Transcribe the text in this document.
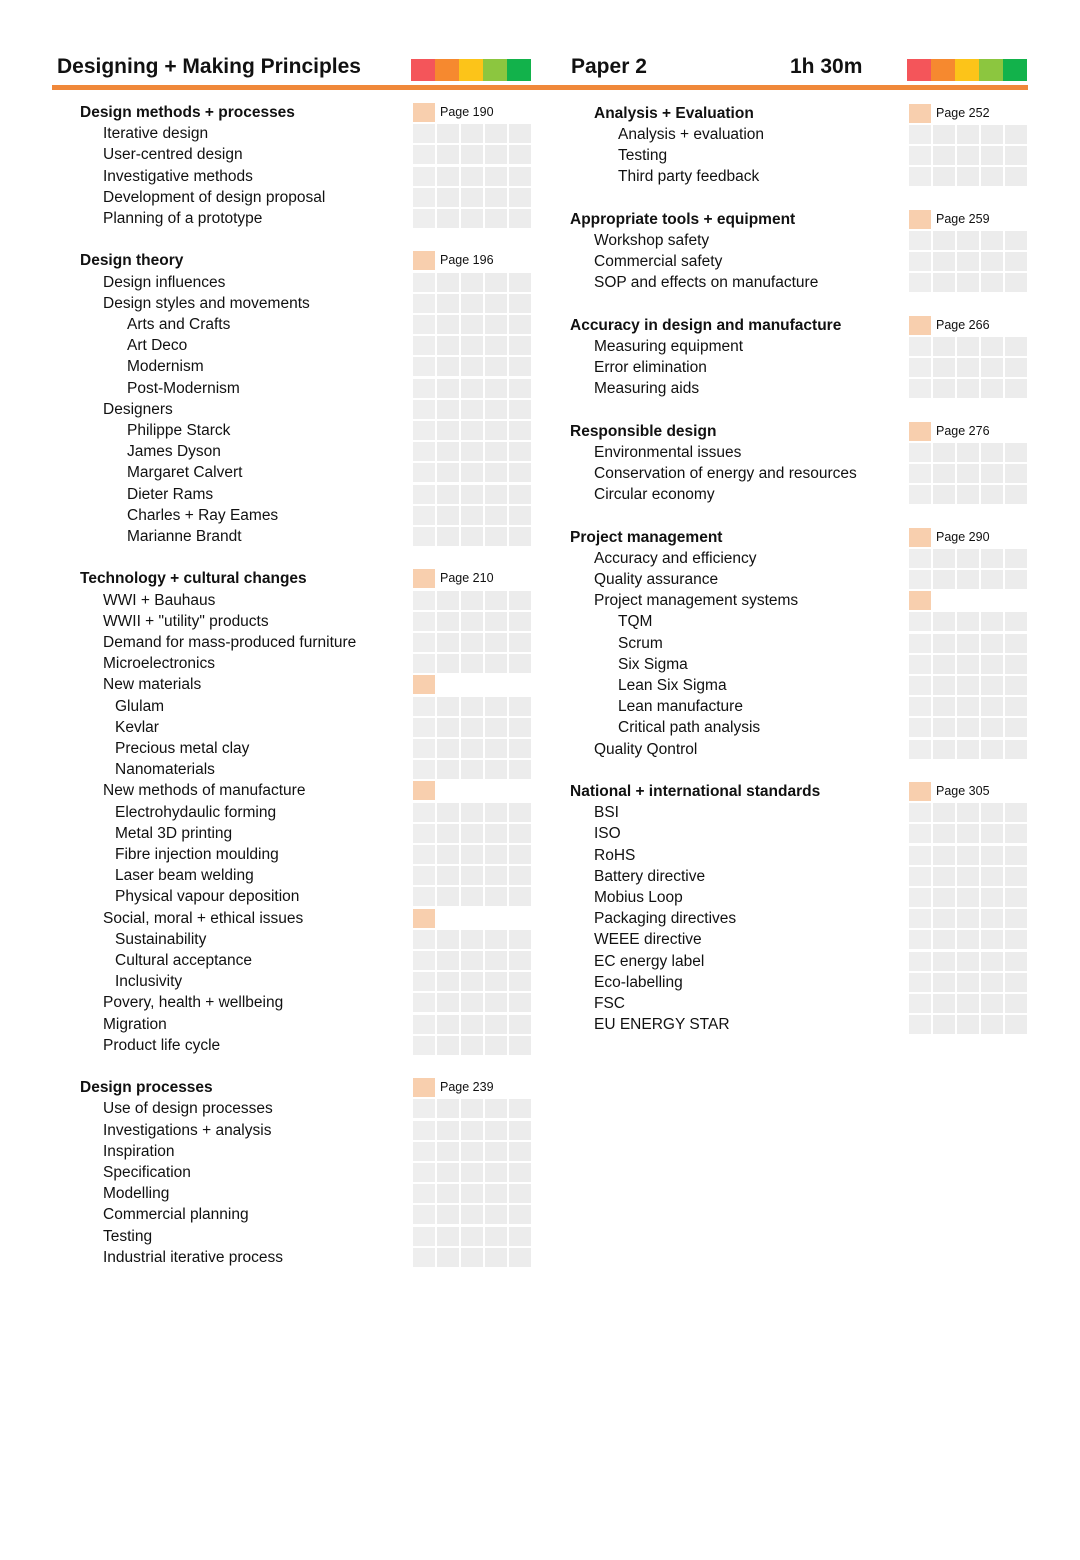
Designing + Making Principles	Paper 2	1h 30m
Design methods + processes	Page 190
Iterative design
User-centred design
Investigative methods
Development of design proposal
Planning of a prototype
Design theory	Page 196
Design influences
Design styles and movements
Arts and Crafts
Art Deco
Modernism
Post-Modernism
Designers
Philippe Starck
James Dyson
Margaret Calvert
Dieter Rams
Charles + Ray Eames
Marianne Brandt
Technology + cultural changes	Page 210
WWI + Bauhaus
WWII + "utility" products
Demand for mass-produced furniture
Microelectronics
New materials
Glulam
Kevlar
Precious metal clay
Nanomaterials
New methods of manufacture
Electrohydaulic forming
Metal 3D printing
Fibre injection moulding
Laser beam welding
Physical vapour deposition
Social, moral + ethical issues
Sustainability
Cultural acceptance
Inclusivity
Povery, health + wellbeing
Migration
Product life cycle
Design processes	Page 239
Use of design processes
Investigations + analysis
Inspiration
Specification
Modelling
Commercial planning
Testing
Industrial iterative process
Analysis + Evaluation	Page 252
Analysis + evaluation
Testing
Third party feedback
Appropriate tools + equipment	Page 259
Workshop safety
Commercial safety
SOP and effects on manufacture
Accuracy in design and manufacture	Page 266
Measuring equipment
Error elimination
Measuring aids
Responsible design	Page 276
Environmental issues
Conservation of energy and resources
Circular economy
Project management	Page 290
Accuracy and efficiency
Quality assurance
Project management systems
TQM
Scrum
Six Sigma
Lean Six Sigma
Lean manufacture
Critical path analysis
Quality Qontrol
National + international standards	Page 305
BSI
ISO
RoHS
Battery directive
Mobius Loop
Packaging directives
WEEE directive
EC energy label
Eco-labelling
FSC
EU ENERGY STAR
